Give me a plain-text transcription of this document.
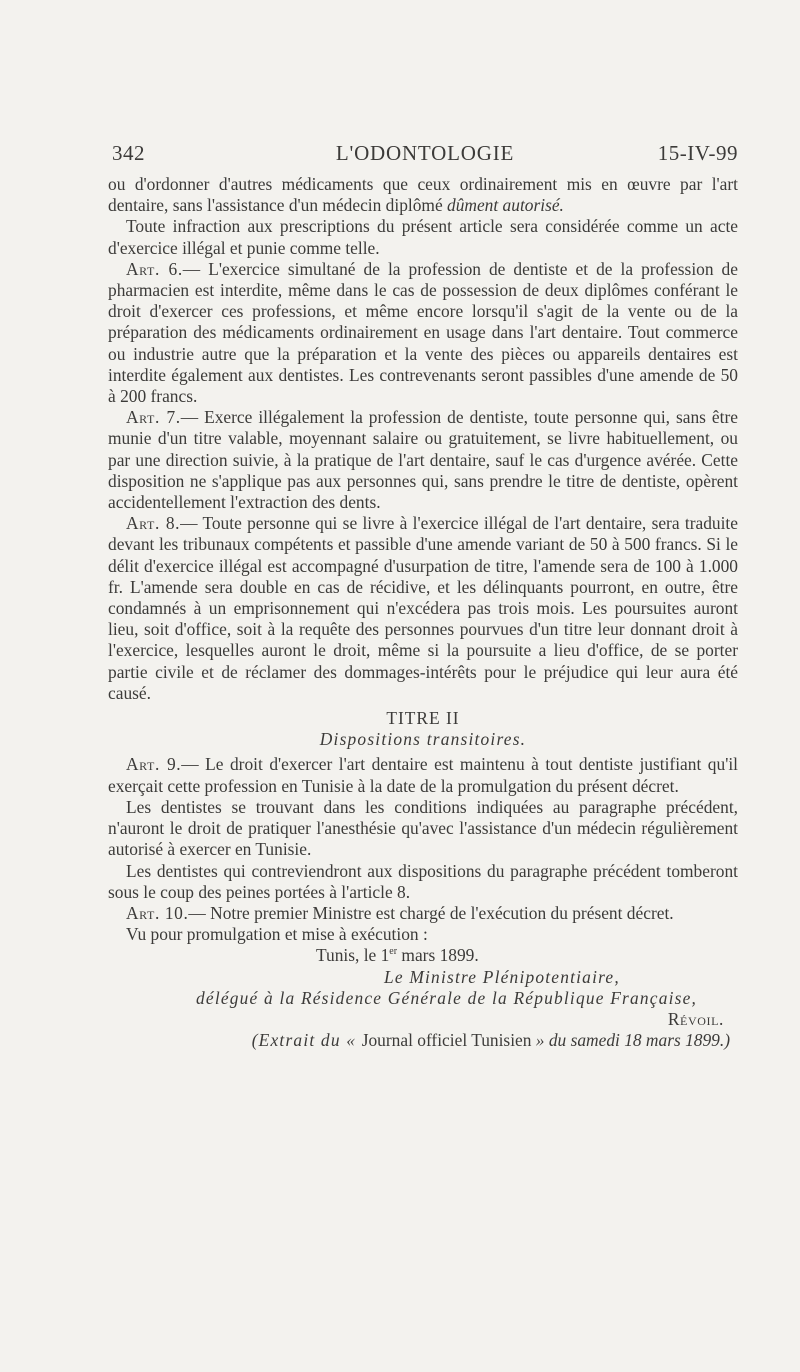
342	L'ODONTOLOGIE	15-IV-99

ou d'ordonner d'autres médicaments que ceux ordinairement mis en œuvre par l'art dentaire, sans l'assistance d'un médecin diplômé dûment autorisé.

Toute infraction aux prescriptions du présent article sera considérée comme un acte d'exercice illégal et punie comme telle.

Art. 6.— L'exercice simultané de la profession de dentiste et de la profession de pharmacien est interdite, même dans le cas de possession de deux diplômes conférant le droit d'exercer ces professions, et même encore lorsqu'il s'agit de la vente ou de la préparation des médicaments ordinairement en usage dans l'art dentaire. Tout commerce ou industrie autre que la préparation et la vente des pièces ou appareils dentaires est interdite également aux dentistes. Les contrevenants seront passibles d'une amende de 50 à 200 francs.

Art. 7.— Exerce illégalement la profession de dentiste, toute personne qui, sans être munie d'un titre valable, moyennant salaire ou gratuitement, se livre habituellement, ou par une direction suivie, à la pratique de l'art dentaire, sauf le cas d'urgence avérée. Cette disposition ne s'applique pas aux personnes qui, sans prendre le titre de dentiste, opèrent accidentellement l'extraction des dents.

Art. 8.— Toute personne qui se livre à l'exercice illégal de l'art dentaire, sera traduite devant les tribunaux compétents et passible d'une amende variant de 50 à 500 francs. Si le délit d'exercice illégal est accompagné d'usurpation de titre, l'amende sera de 100 à 1.000 fr. L'amende sera double en cas de récidive, et les délinquants pourront, en outre, être condamnés à un emprisonnement qui n'excédera pas trois mois. Les poursuites auront lieu, soit d'office, soit à la requête des personnes pourvues d'un titre leur donnant droit à l'exercice, lesquelles auront le droit, même si la poursuite a lieu d'office, de se porter partie civile et de réclamer des dommages-intérêts pour le préjudice qui leur aura été causé.

TITRE II

Dispositions transitoires.

Art. 9.— Le droit d'exercer l'art dentaire est maintenu à tout dentiste justifiant qu'il exerçait cette profession en Tunisie à la date de la promulgation du présent décret.

Les dentistes se trouvant dans les conditions indiquées au paragraphe précédent, n'auront le droit de pratiquer l'anesthésie qu'avec l'assistance d'un médecin régulièrement autorisé à exercer en Tunisie.

Les dentistes qui contreviendront aux dispositions du paragraphe précédent tomberont sous le coup des peines portées à l'article 8.

Art. 10.— Notre premier Ministre est chargé de l'exécution du présent décret.

Vu pour promulgation et mise à exécution :

Tunis, le 1er mars 1899.

Le Ministre Plénipotentiaire,

délégué à la Résidence Générale de la République Française,

Révoil.

(Extrait du « Journal officiel Tunisien » du samedi 18 mars 1899.)
